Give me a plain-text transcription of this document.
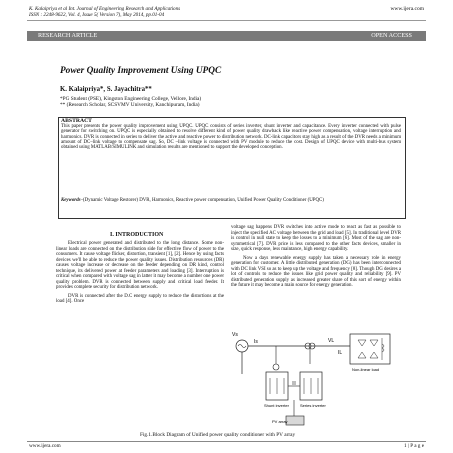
K. Kalaipriya et al Int. Journal of Engineering Research and Applications
ISSN : 2248-9622, Vol. 4, Issue 5( Version 7), May 2014, pp.01-04
www.ijera.com
RESEARCH ARTICLE	OPEN ACCESS
Power Quality Improvement Using UPQC
K. Kalaipriya*, S. Jayachitra**
*PG Student (PSE), Kingston Engineering College, Vellore, India)
** (Research Scholar, SCSVMV University, Kanchipuram, India)
ABSTRACT
This paper presents the power quality improvement using UPQC. UPQC consists of series inverter, shunt inverter and capacitance. Every inverter connected with pulse generator for switching on. UPQC is especially obtained to resolve different kind of power quality drawback like reactive power compensation, voltage interruption and harmonics. DVR is connected in series to deliver the active and reactive power to distribution network. DC-link capacitors stay high as a result of the DVR needs a minimum amount of DC–link voltage to compensate sag. So, DC –link voltage is connected with PV module to reduce the cost. Design of UPQC device with multi-bus system obtained using MATLAB/SIMULINK and simulation results are mentioned to support the developed conception.
Keywords–(Dynamic Voltage Restorer) DVR, Harmonics, Reactive power compensation, Unified Power Quality Conditioner (UPQC)
I. INTRODUCTION

Electrical power generated and distributed to the long distance. Some non-linear loads are connected on the distribution side for effective flow of power to the consumers. It cause voltage flicker, distortion, transient [1], [2]. Hence by using facts devices we'll be able to reduce the power quality issues. Distribution resources (DR) causes voltage increase or decrease on the feeder depending on DR kind, control technique, its delivered power at feeder parameters and loading [3]. Interruption is critical when compared with voltage sag in latter it may become a number one power quality problem. DVR is connected between supply and critical load feeder. It provides complete security for distribution network.

DVR is connected after the D.C energy supply to reduce the distortions at the load [4]. Once

voltage sag happens DVR switches into active mode to react as fast as possible to inject the specified AC voltage between the grid and load [5]. In traditional level DVR is control in null state to keep the losses to a minimum [6]. Most of the sag are non-symmetrical [7]. DVR price is less compared to the other facts devices, smaller in size, quick response, less maintance, high energy capability.

Now a days renewable energy supply has taken a necessary role in energy generation for customer. A little distributed generation (DG) has been interconnected with DC link VSI so as to keep up the voltage and frequency [8]. Though DG desires a lot of controls to reduce the issues like grid power quality and reliability [9]. PV distributed generation supply as increased greater share of this sort of energy within the future it may become a main source for energy generation.

Vs
Is
Shunt inverter	Series inverter
PV array
VL
IL
Non-linear load
Fig.1.Block Diagram of Unified power quality conditioner with PV array
www.ijera.com	1 | P a g e
